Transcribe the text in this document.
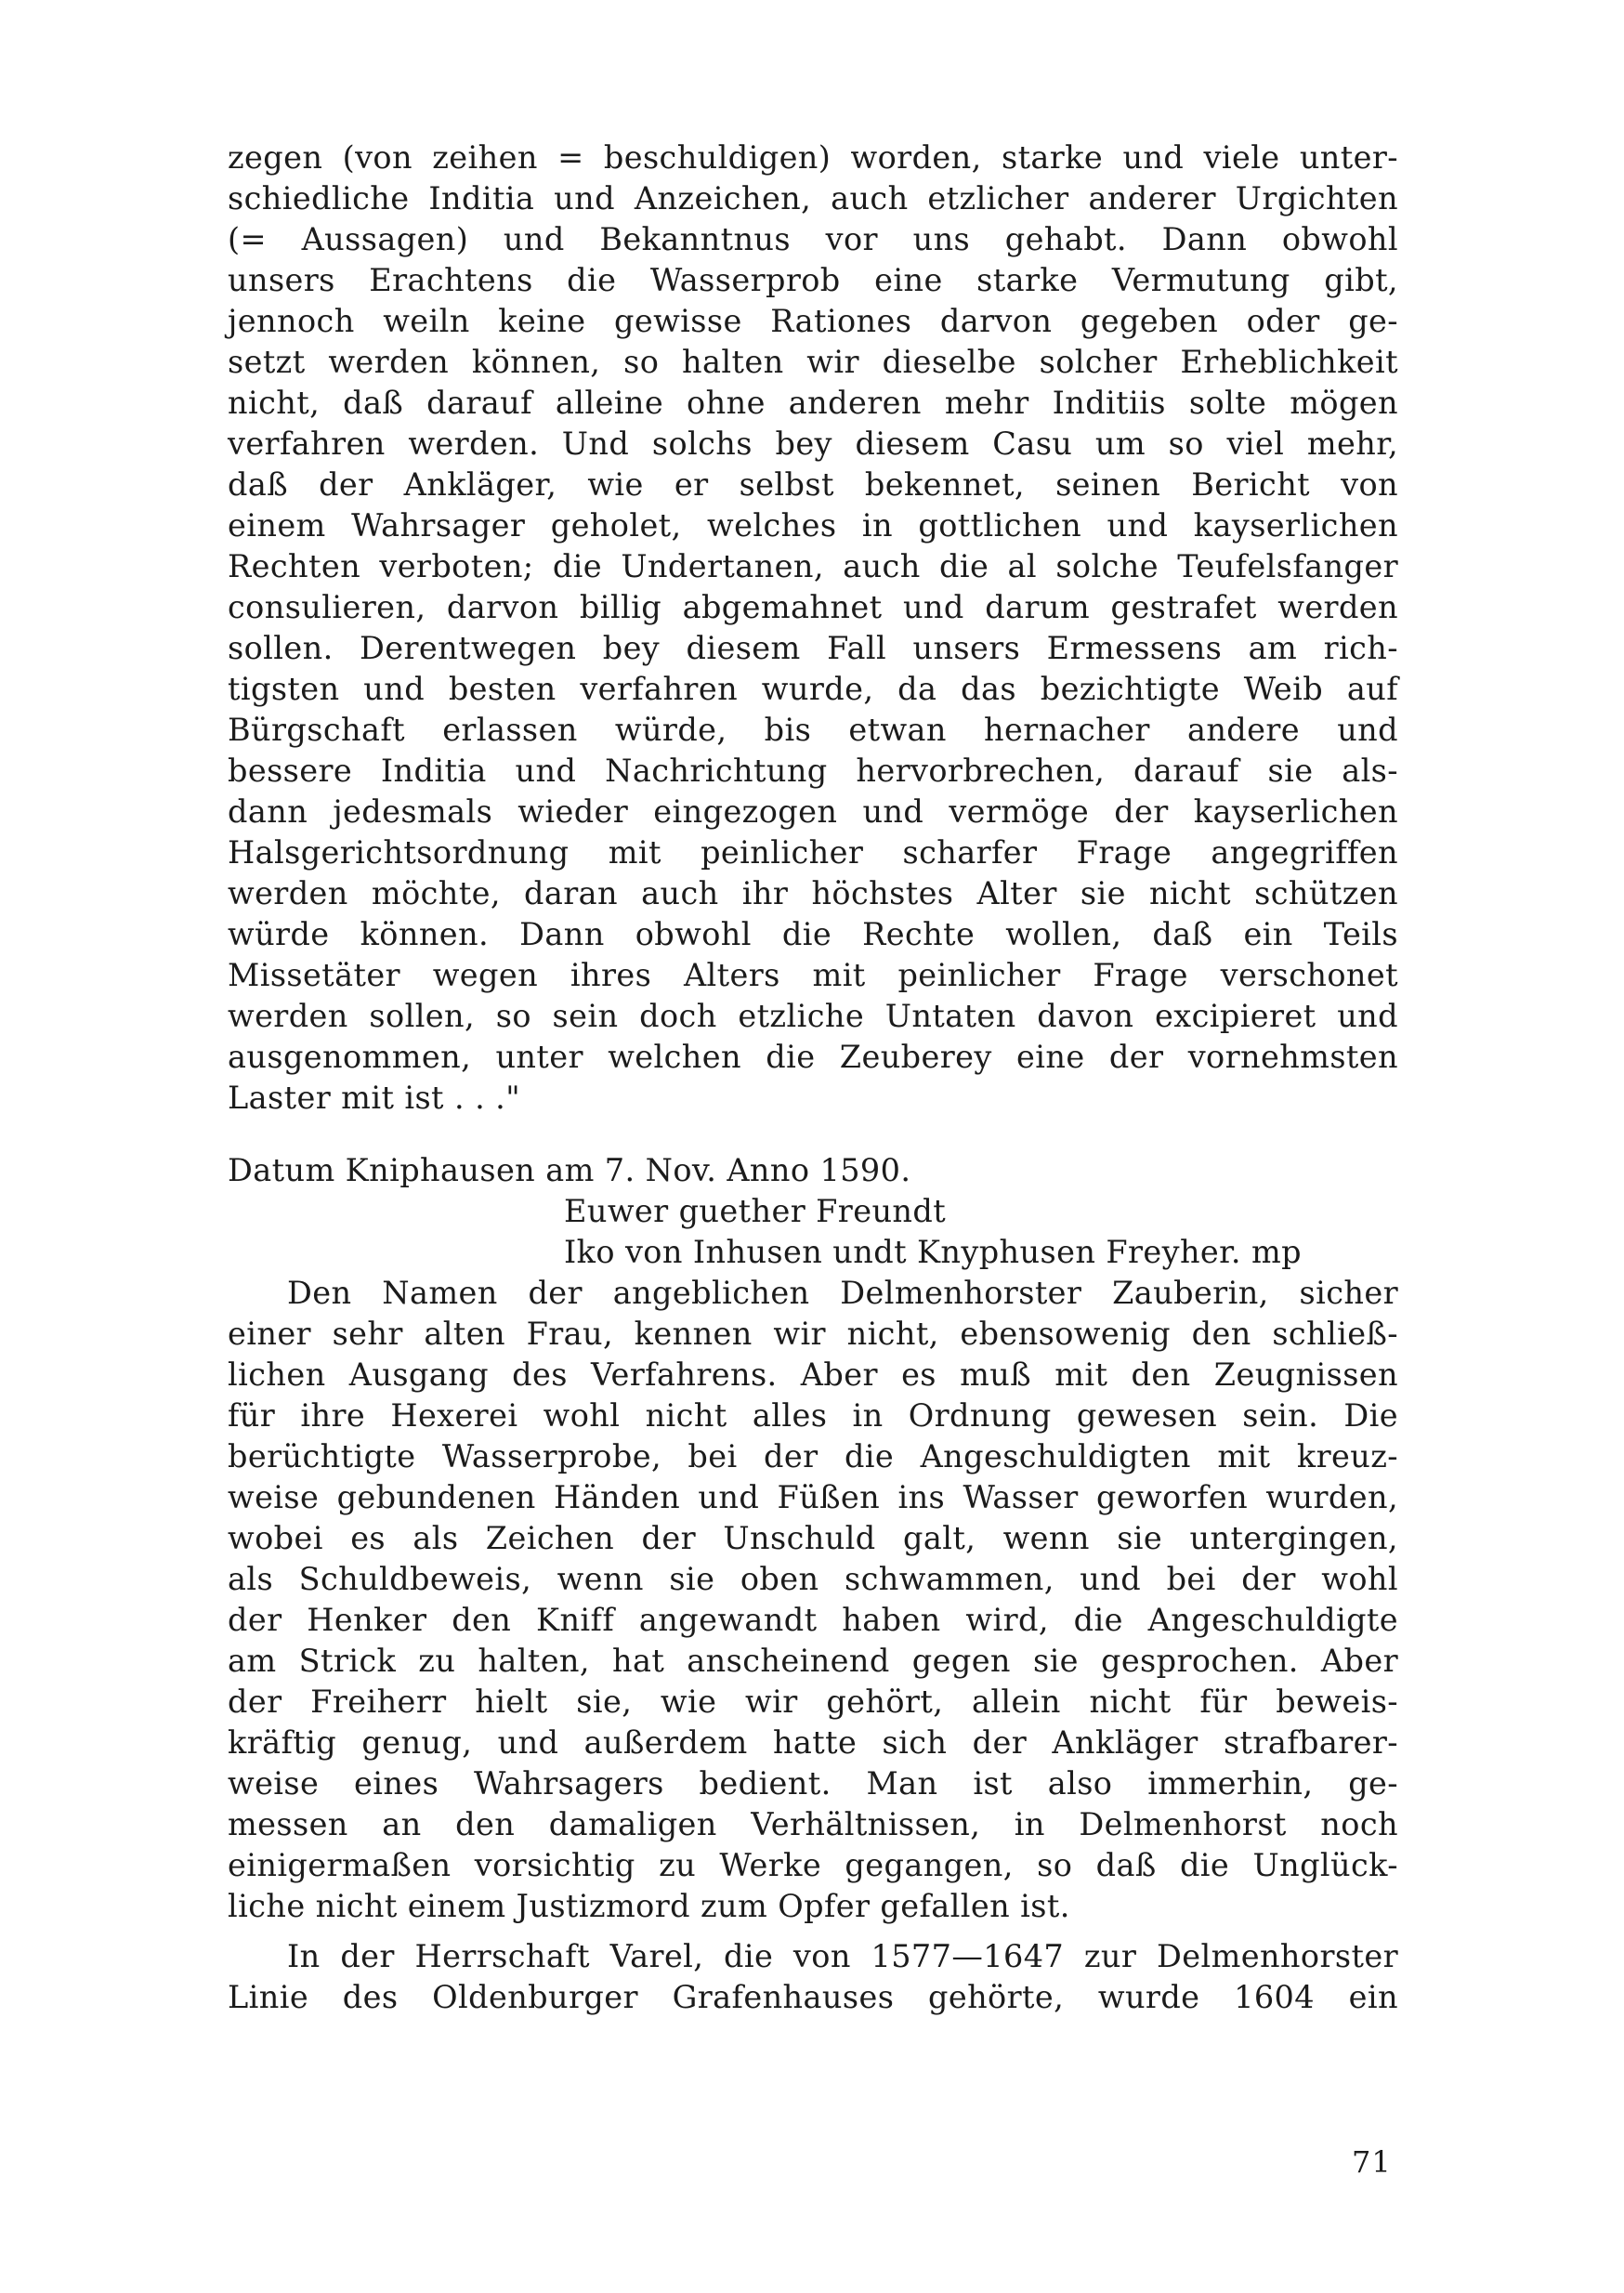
zegen (von zeihen = beschuldigen) worden, starke und viele unter-
schiedliche Inditia und Anzeichen, auch etzlicher anderer Urgichten
(= Aussagen) und Bekanntnus vor uns gehabt. Dann obwohl
unsers Erachtens die Wasserprob eine starke Vermutung gibt,
jennoch weiln keine gewisse Rationes darvon gegeben oder ge-
setzt werden können, so halten wir dieselbe solcher Erheblichkeit
nicht, daß darauf alleine ohne anderen mehr Inditiis solte mögen
verfahren werden. Und solchs bey diesem Casu um so viel mehr,
daß der Ankläger, wie er selbst bekennet, seinen Bericht von
einem Wahrsager geholet, welches in gottlichen und kayserlichen
Rechten verboten; die Undertanen, auch die al solche Teufelsfanger
consulieren, darvon billig abgemahnet und darum gestrafet werden
sollen. Derentwegen bey diesem Fall unsers Ermessens am rich-
tigsten und besten verfahren wurde, da das bezichtigte Weib auf
Bürgschaft erlassen würde, bis etwan hernacher andere und
bessere Inditia und Nachrichtung hervorbrechen, darauf sie als-
dann jedesmals wieder eingezogen und vermöge der kayserlichen
Halsgerichtsordnung mit peinlicher scharfer Frage angegriffen
werden möchte, daran auch ihr höchstes Alter sie nicht schützen
würde können. Dann obwohl die Rechte wollen, daß ein Teils
Missetäter wegen ihres Alters mit peinlicher Frage verschonet
werden sollen, so sein doch etzliche Untaten davon excipieret und
ausgenommen, unter welchen die Zeuberey eine der vornehmsten
Laster mit ist . . ."
Datum Kniphausen am 7. Nov. Anno 1590.
Euwer guether Freundt
Iko von Inhusen undt Knyphusen Freyher. mp
Den Namen der angeblichen Delmenhorster Zauberin, sicher
einer sehr alten Frau, kennen wir nicht, ebensowenig den schließ-
lichen Ausgang des Verfahrens. Aber es muß mit den Zeugnissen
für ihre Hexerei wohl nicht alles in Ordnung gewesen sein. Die
berüchtigte Wasserprobe, bei der die Angeschuldigten mit kreuz-
weise gebundenen Händen und Füßen ins Wasser geworfen wurden,
wobei es als Zeichen der Unschuld galt, wenn sie untergingen,
als Schuldbeweis, wenn sie oben schwammen, und bei der wohl
der Henker den Kniff angewandt haben wird, die Angeschuldigte
am Strick zu halten, hat anscheinend gegen sie gesprochen. Aber
der Freiherr hielt sie, wie wir gehört, allein nicht für beweis-
kräftig genug, und außerdem hatte sich der Ankläger strafbarer-
weise eines Wahrsagers bedient. Man ist also immerhin, ge-
messen an den damaligen Verhältnissen, in Delmenhorst noch
einigermaßen vorsichtig zu Werke gegangen, so daß die Unglück-
liche nicht einem Justizmord zum Opfer gefallen ist.
In der Herrschaft Varel, die von 1577—1647 zur Delmenhorster
Linie des Oldenburger Grafenhauses gehörte, wurde 1604 ein
71
